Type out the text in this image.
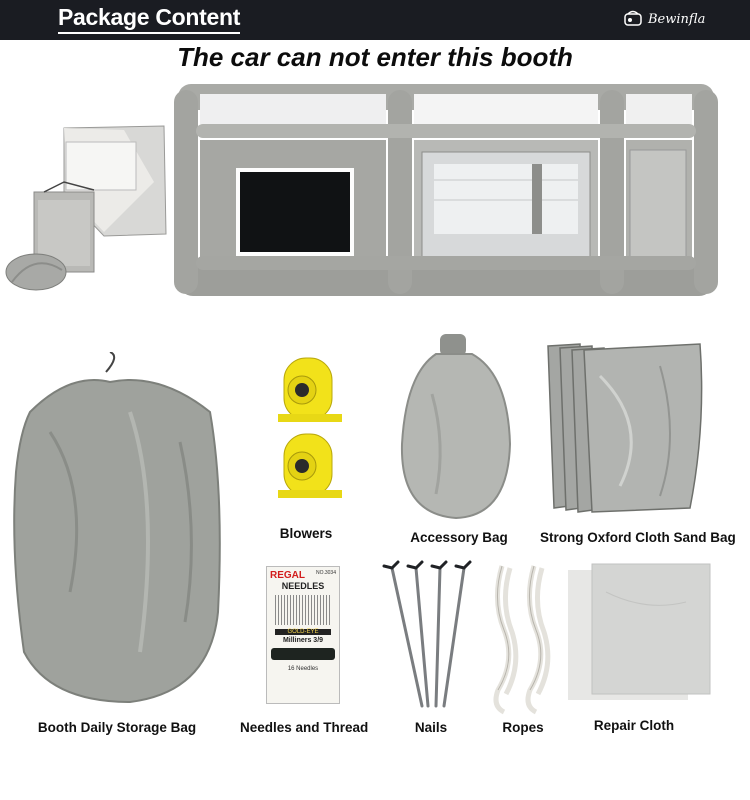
Package Content	Bewinfla
The car can not enter this booth
Booth Daily Storage Bag
Blowers	Accessory Bag	Strong Oxford Cloth Sand Bag
REGAL NO.3034
NEEDLES
GOLD-EYE
Milliners 3/9
16 Needles
Needles and Thread	Nails	Ropes	Repair Cloth
